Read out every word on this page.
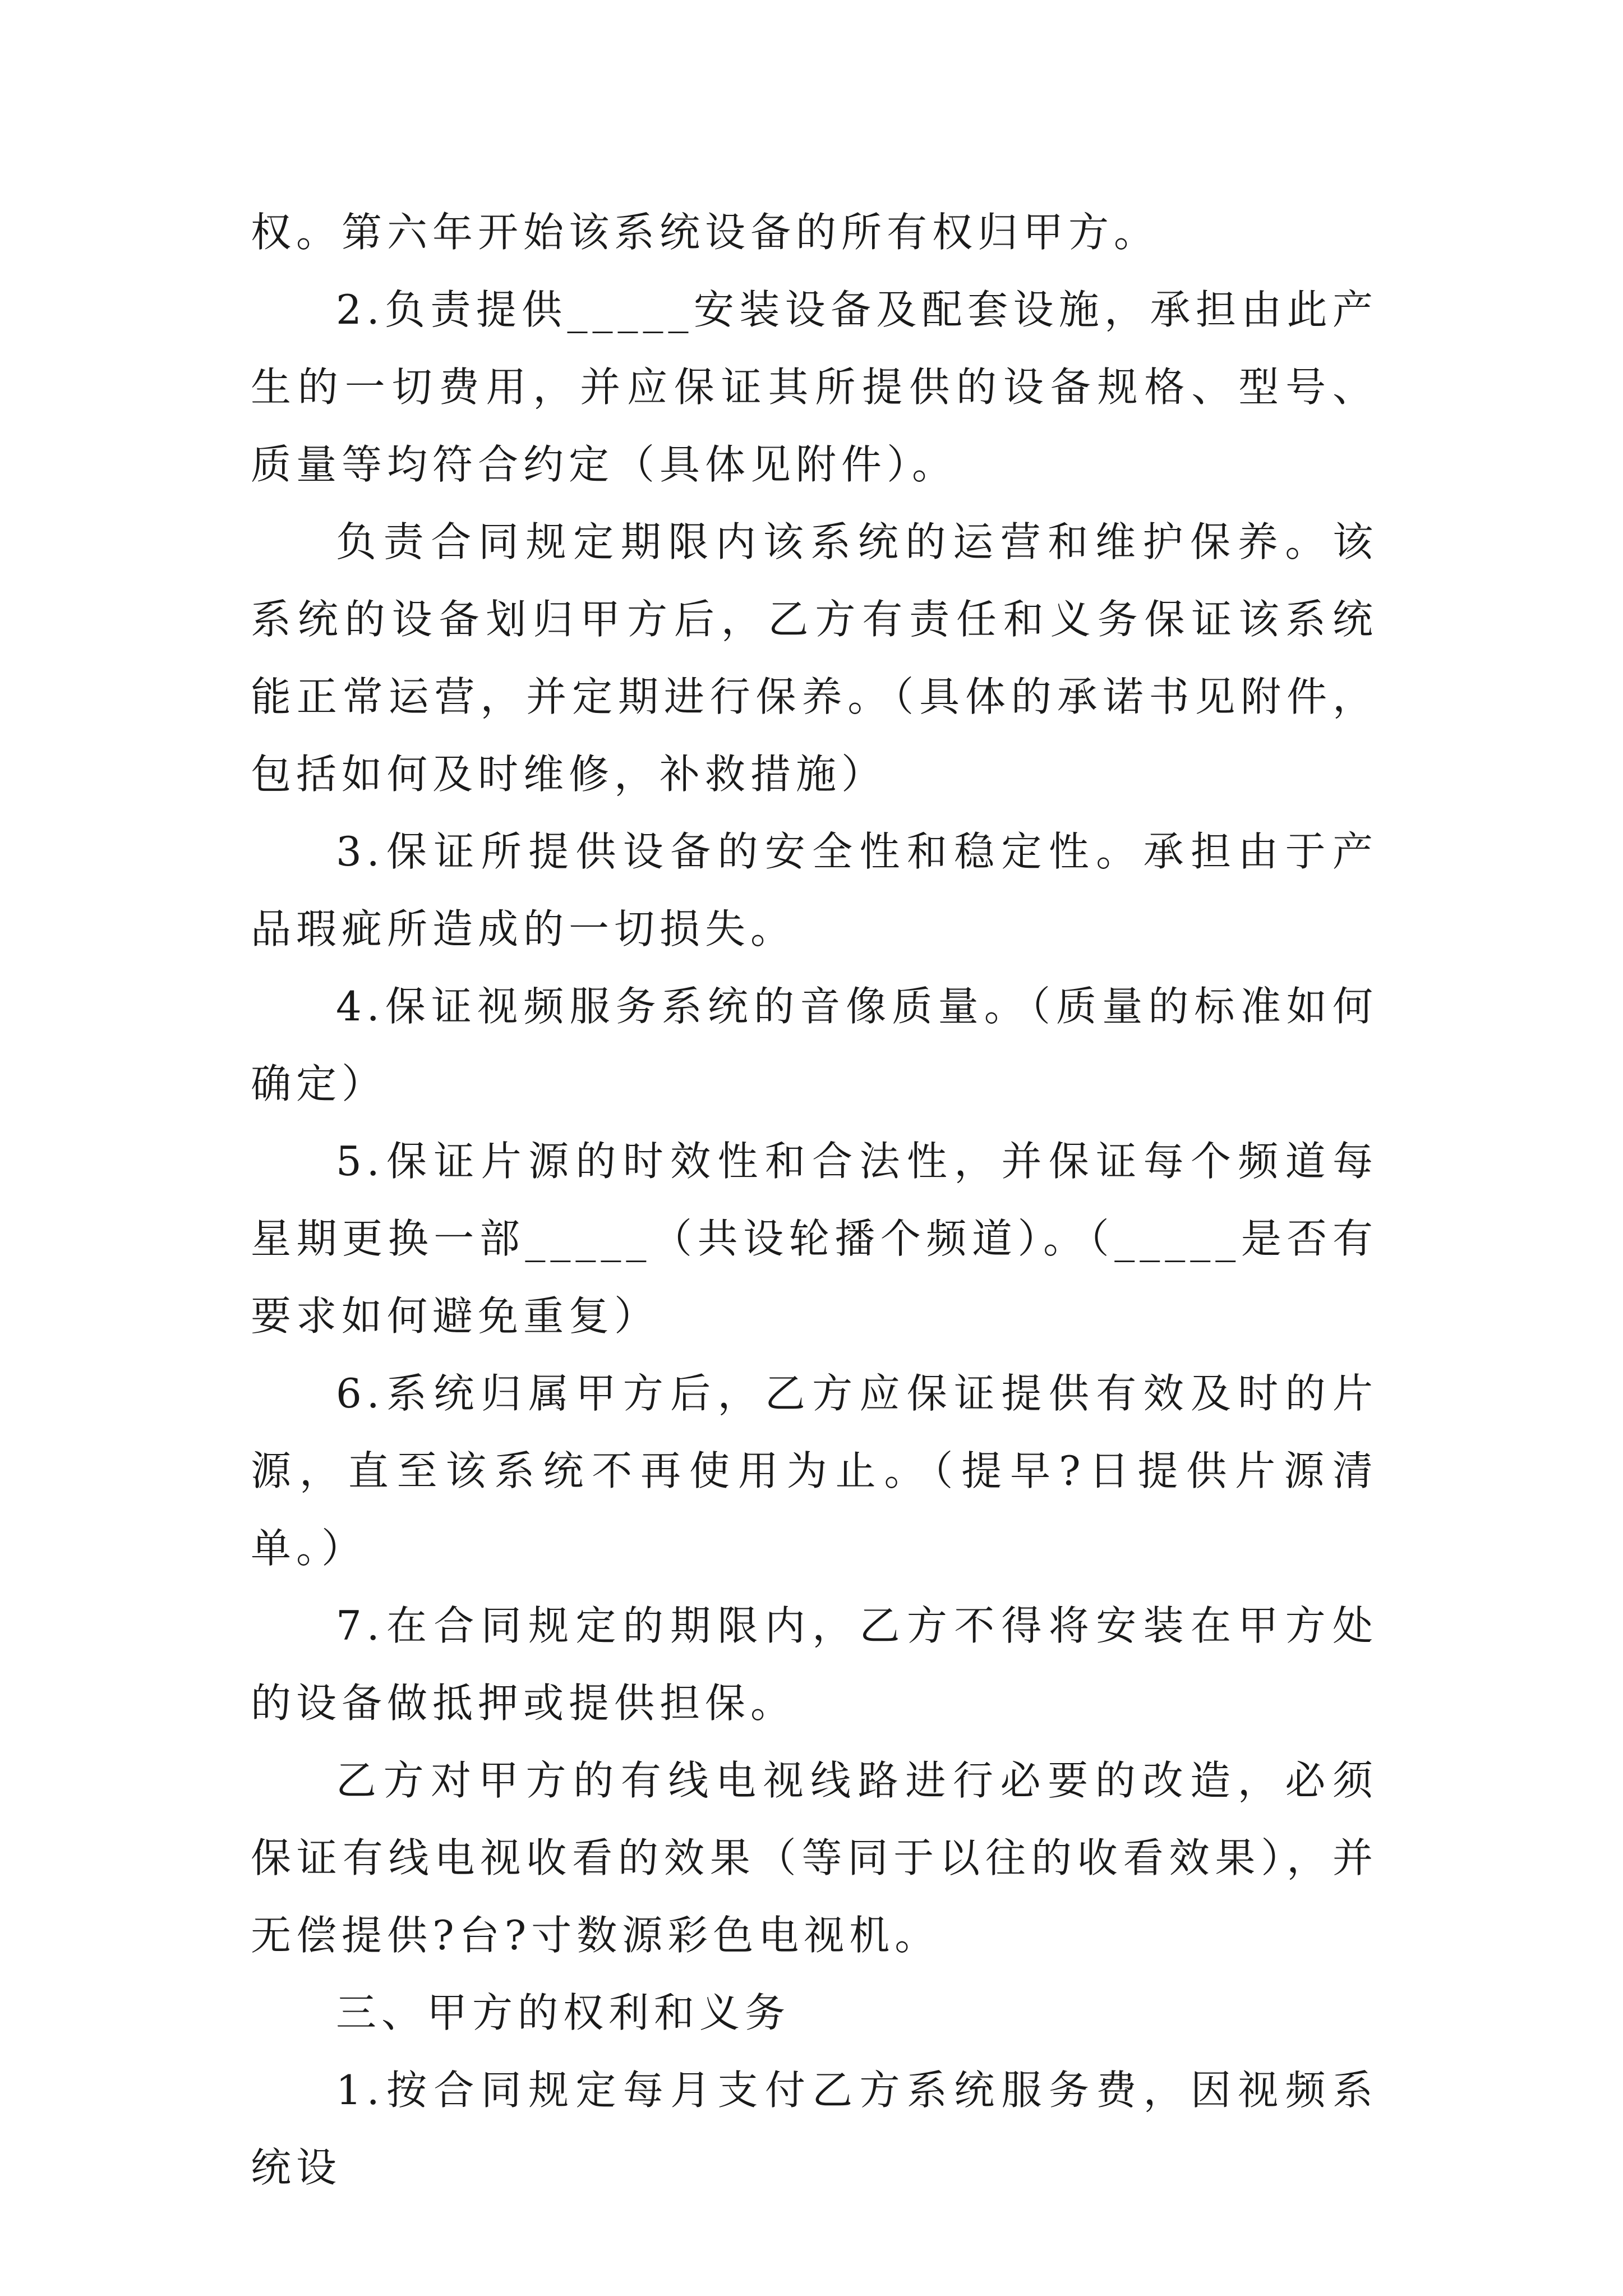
权。第六年开始该系统设备的所有权归甲方。

2.负责提供_____安装设备及配套设施，承担由此产生的一切费用，并应保证其所提供的设备规格、型号、质量等均符合约定（具体见附件）。

负责合同规定期限内该系统的运营和维护保养。该系统的设备划归甲方后，乙方有责任和义务保证该系统能正常运营，并定期进行保养。（具体的承诺书见附件，包括如何及时维修，补救措施）

3.保证所提供设备的安全性和稳定性。承担由于产品瑕疵所造成的一切损失。

4.保证视频服务系统的音像质量。（质量的标准如何确定）

5.保证片源的时效性和合法性，并保证每个频道每星期更换一部_____（共设轮播个频道）。（_____是否有要求如何避免重复）

6.系统归属甲方后，乙方应保证提供有效及时的片源，直至该系统不再使用为止。（提早?日提供片源清单。）

7.在合同规定的期限内，乙方不得将安装在甲方处的设备做抵押或提供担保。

乙方对甲方的有线电视线路进行必要的改造，必须保证有线电视收看的效果（等同于以往的收看效果），并无偿提供?台?寸数源彩色电视机。

三、甲方的权利和义务

1.按合同规定每月支付乙方系统服务费，因视频系统设
